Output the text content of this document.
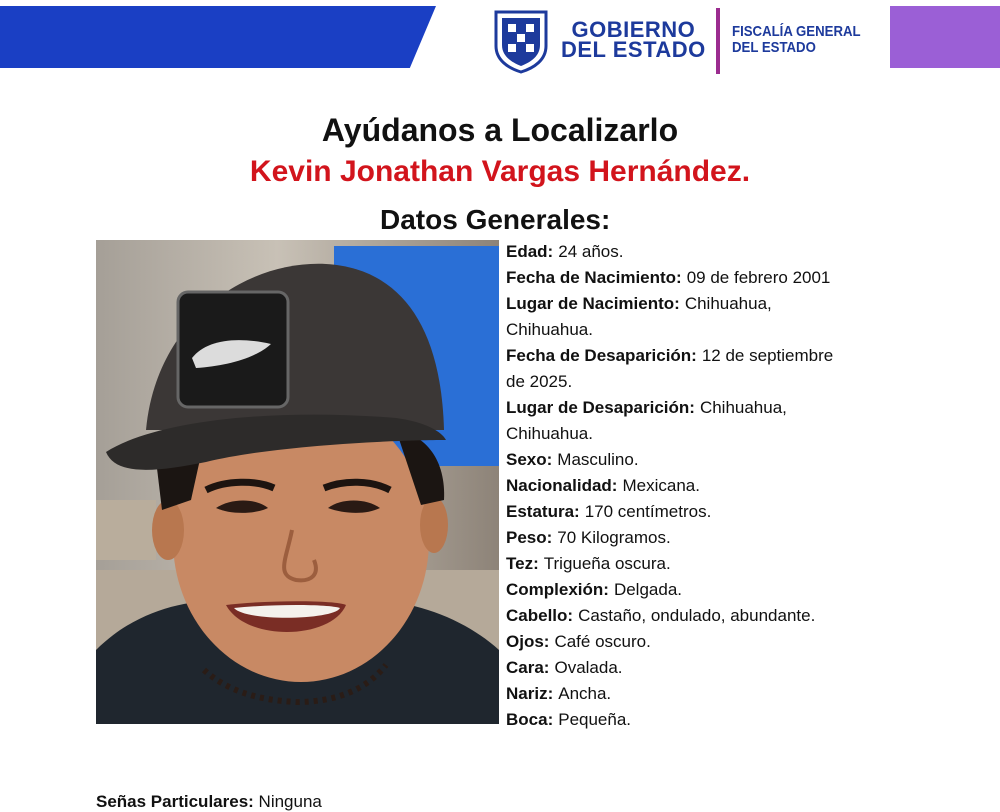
GOBIERNO
DEL ESTADO
FISCALÍA GENERAL
DEL ESTADO
Ayúdanos a Localizarlo
Kevin Jonathan Vargas Hernández.
Datos Generales:

Edad: 24 años.

Fecha de Nacimiento: 09 de febrero 2001

Lugar de Nacimiento: Chihuahua,

Chihuahua.

Fecha de Desaparición: 12 de septiembre

de 2025.

Lugar de Desaparición: Chihuahua,

Chihuahua.

Sexo: Masculino.

Nacionalidad: Mexicana.

Estatura: 170 centímetros.

Peso: 70 Kilogramos.

Tez: Trigueña oscura.

Complexión: Delgada.

Cabello: Castaño, ondulado, abundante.

Ojos: Café oscuro.

Cara: Ovalada.

Nariz: Ancha.

Boca: Pequeña.

Señas Particulares: Ninguna
